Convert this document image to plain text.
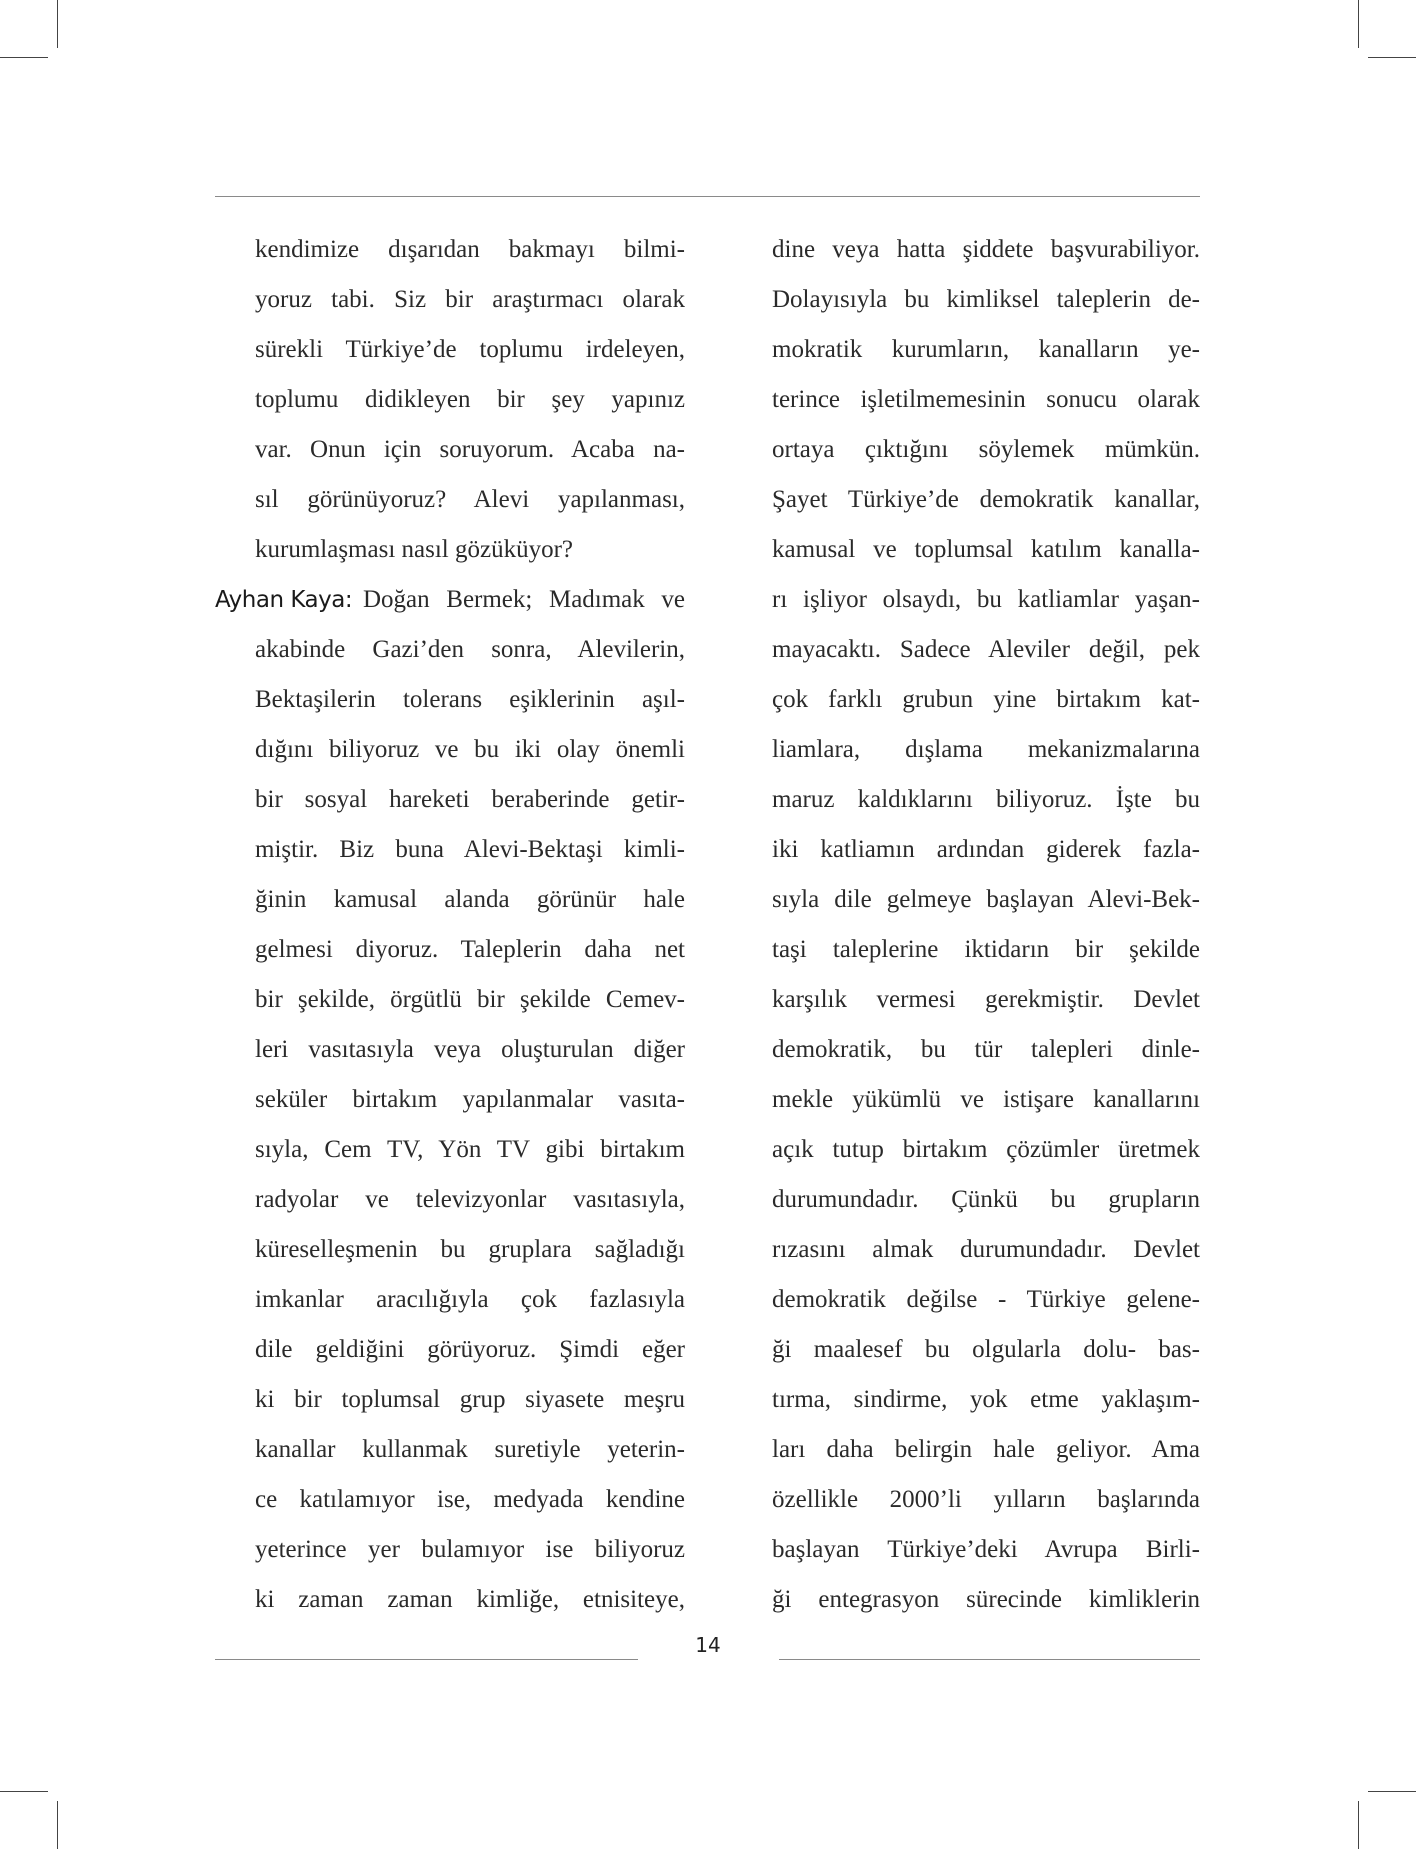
kendimize dışarıdan bakmayı bilmi-
yoruz tabi. Siz bir araştırmacı olarak
sürekli Türkiye’de toplumu irdeleyen,
toplumu didikleyen bir şey yapınız
var. Onun için soruyorum. Acaba na-
sıl görünüyoruz? Alevi yapılanması,
kurumlaşması nasıl gözüküyor?
Ayhan Kaya: Doğan Bermek; Madımak ve
akabinde Gazi’den sonra, Alevilerin,
Bektaşilerin tolerans eşiklerinin aşıl-
dığını biliyoruz ve bu iki olay önemli
bir sosyal hareketi beraberinde getir-
miştir. Biz buna Alevi-Bektaşi kimli-
ğinin kamusal alanda görünür hale
gelmesi diyoruz. Taleplerin daha net
bir şekilde, örgütlü bir şekilde Cemev-
leri vasıtasıyla veya oluşturulan diğer
seküler birtakım yapılanmalar vasıta-
sıyla, Cem TV, Yön TV gibi birtakım
radyolar ve televizyonlar vasıtasıyla,
küreselleşmenin bu gruplara sağladığı
imkanlar aracılığıyla çok fazlasıyla
dile geldiğini görüyoruz. Şimdi eğer
ki bir toplumsal grup siyasete meşru
kanallar kullanmak suretiyle yeterin-
ce katılamıyor ise, medyada kendine
yeterince yer bulamıyor ise biliyoruz
ki zaman zaman kimliğe, etnisiteye,
dine veya hatta şiddete başvurabiliyor.
Dolayısıyla bu kimliksel taleplerin de-
mokratik kurumların, kanalların ye-
terince işletilmemesinin sonucu olarak
ortaya çıktığını söylemek mümkün.
Şayet Türkiye’de demokratik kanallar,
kamusal ve toplumsal katılım kanalla-
rı işliyor olsaydı, bu katliamlar yaşan-
mayacaktı. Sadece Aleviler değil, pek
çok farklı grubun yine birtakım kat-
liamlara, dışlama mekanizmalarına
maruz kaldıklarını biliyoruz. İşte bu
iki katliamın ardından giderek fazla-
sıyla dile gelmeye başlayan Alevi-Bek-
taşi taleplerine iktidarın bir şekilde
karşılık vermesi gerekmiştir. Devlet
demokratik, bu tür talepleri dinle-
mekle yükümlü ve istişare kanallarını
açık tutup birtakım çözümler üretmek
durumundadır. Çünkü bu grupların
rızasını almak durumundadır. Devlet
demokratik değilse - Türkiye gelene-
ği maalesef bu olgularla dolu- bas-
tırma, sindirme, yok etme yaklaşım-
ları daha belirgin hale geliyor. Ama
özellikle 2000’li yılların başlarında
başlayan Türkiye’deki Avrupa Birli-
ği entegrasyon sürecinde kimliklerin
14
